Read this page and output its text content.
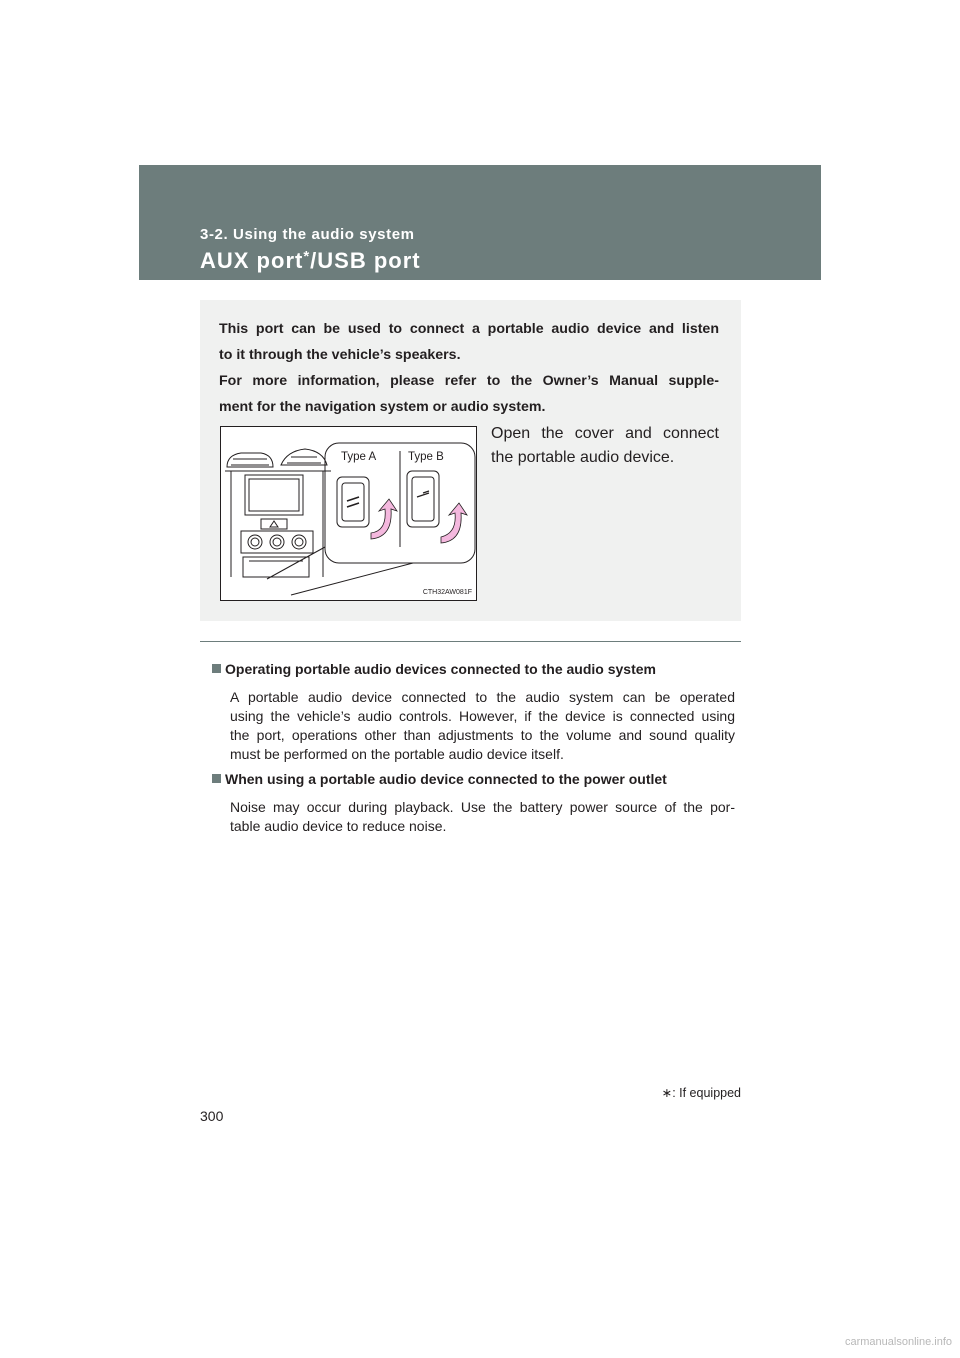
3-2. Using the audio system
AUX port*/USB port

This port can be used to connect a portable audio device and listen
to it through the vehicle’s speakers.
For more information, please refer to the Owner’s Manual supple-
ment for the navigation system or audio system.

Type A	Type B
CTH32AW081F

Open the cover and connect
the portable audio device.

Operating portable audio devices connected to the audio system

A portable audio device connected to the audio system can be operated
using the vehicle’s audio controls. However, if the device is connected using
the port, operations other than adjustments to the volume and sound quality
must be performed on the portable audio device itself.

When using a portable audio device connected to the power outlet

Noise may occur during playback. Use the battery power source of the por-
table audio device to reduce noise.

∗: If equipped
300
carmanualsonline.info
